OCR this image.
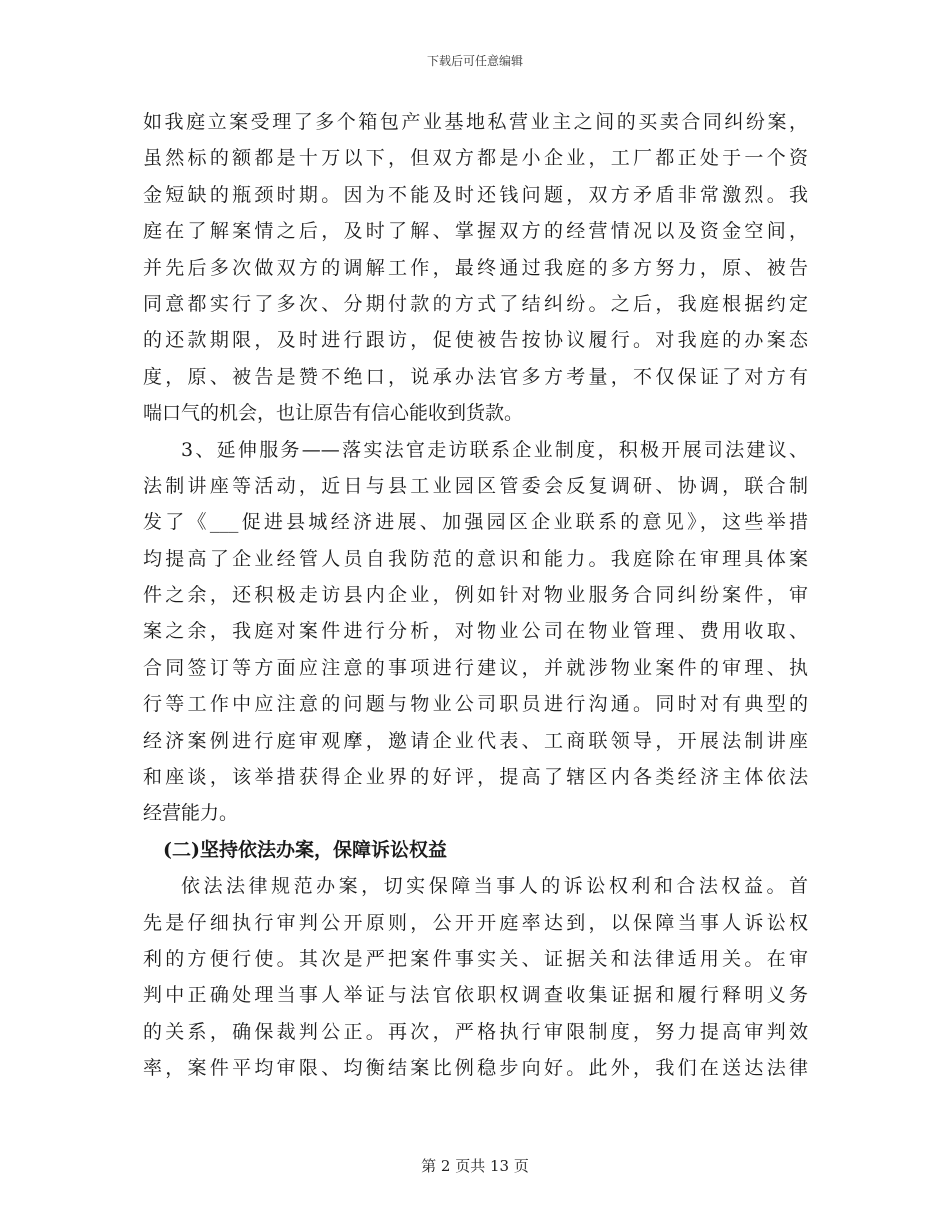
下载后可任意编辑
如我庭立案受理了多个箱包产业基地私营业主之间的买卖合同纠纷案，
虽然标的额都是十万以下，但双方都是小企业，工厂都正处于一个资
金短缺的瓶颈时期。因为不能及时还钱问题，双方矛盾非常激烈。我
庭在了解案情之后，及时了解、掌握双方的经营情况以及资金空间，
并先后多次做双方的调解工作，最终通过我庭的多方努力，原、被告
同意都实行了多次、分期付款的方式了结纠纷。之后，我庭根据约定
的还款期限，及时进行跟访，促使被告按协议履行。对我庭的办案态
度，原、被告是赞不绝口，说承办法官多方考量，不仅保证了对方有
喘口气的机会，也让原告有信心能收到货款。
3、延伸服务——落实法官走访联系企业制度，积极开展司法建议、
法制讲座等活动，近日与县工业园区管委会反复调研、协调，联合制
发了《___促进县城经济进展、加强园区企业联系的意见》，这些举措
均提高了企业经管人员自我防范的意识和能力。我庭除在审理具体案
件之余，还积极走访县内企业，例如针对物业服务合同纠纷案件，审
案之余，我庭对案件进行分析，对物业公司在物业管理、费用收取、
合同签订等方面应注意的事项进行建议，并就涉物业案件的审理、执
行等工作中应注意的问题与物业公司职员进行沟通。同时对有典型的
经济案例进行庭审观摩，邀请企业代表、工商联领导，开展法制讲座
和座谈，该举措获得企业界的好评，提高了辖区内各类经济主体依法
经营能力。
(二)坚持依法办案，保障诉讼权益
依法法律规范办案，切实保障当事人的诉讼权利和合法权益。首
先是仔细执行审判公开原则，公开开庭率达到，以保障当事人诉讼权
利的方便行使。其次是严把案件事实关、证据关和法律适用关。在审
判中正确处理当事人举证与法官依职权调查收集证据和履行释明义务
的关系，确保裁判公正。再次，严格执行审限制度，努力提高审判效
率，案件平均审限、均衡结案比例稳步向好。此外，我们在送达法律
第 2 页共 13 页
